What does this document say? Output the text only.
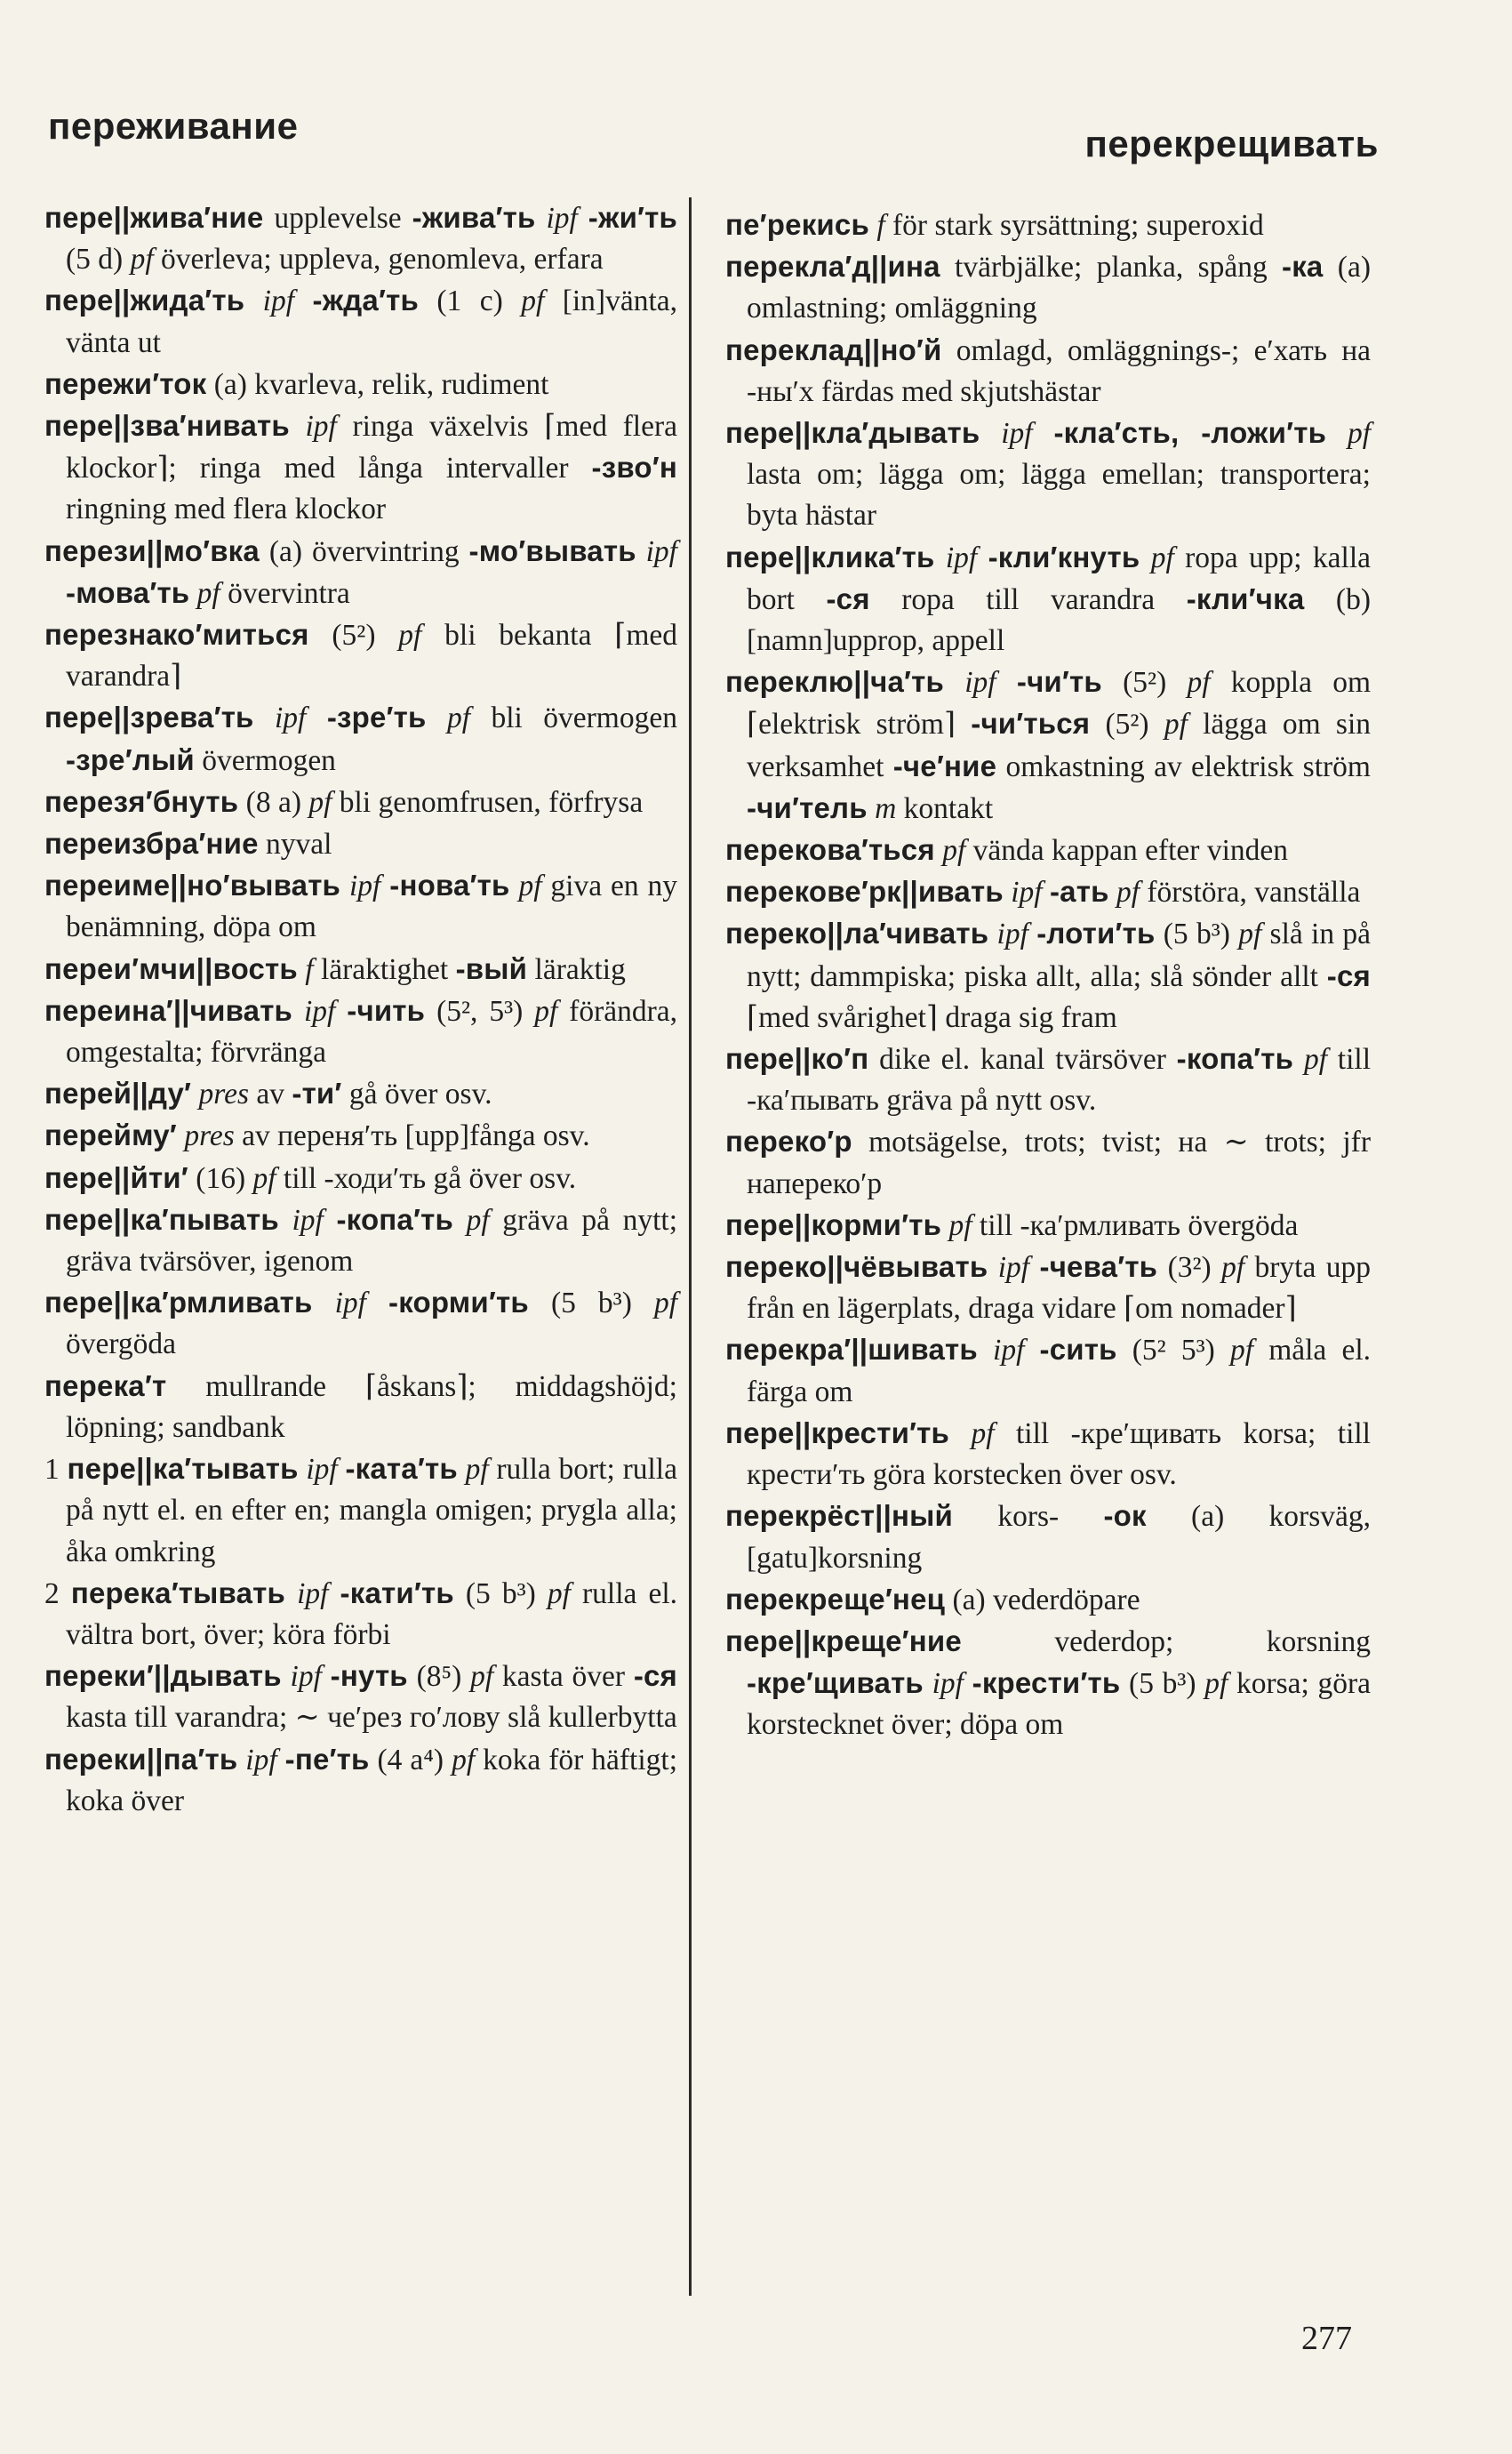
переживание	перекрещивать

пере||жива′ние upplevelse -жива′ть ipf -жи′ть (5 d) pf överleva; uppleva, genomleva, erfara

пере||жида′ть ipf -жда′ть (1 c) pf [in]vänta, vänta ut

пережи′ток (a) kvarleva, relik, rudiment

пере||зва′нивать ipf ringa växelvis ⌈med flera klockor⌉; ringa med långa intervaller -зво′н ringning med flera klockor

перези||мо′вка (a) övervintring -мо′вывать ipf -мова′ть pf övervintra

перезнако′миться (5²) pf bli bekanta ⌈med varandra⌉

пере||зрева′ть ipf -зре′ть pf bli övermogen -зре′лый övermogen

перезя′бнуть (8 a) pf bli genomfrusen, förfrysa

переизбра′ние nyval

переиме||но′вывать ipf -нова′ть pf giva en ny benämning, döpa om

переи′мчи||вость f läraktighet -вый läraktig

переина′||чивать ipf -чить (5², 5³) pf förändra, omgestalta; förvränga

перей||ду′ pres av -ти′ gå över osv.

перейму′ pres av переня′ть [upp]fånga osv.

пере||йти′ (16) pf till -ходи′ть gå över osv.

пере||ка′пывать ipf -копа′ть pf gräva på nytt; gräva tvärsöver, igenom

пере||ка′рмливать ipf -корми′ть (5 b³) pf övergöda

перека′т mullrande ⌈åskans⌉; middagshöjd; löpning; sandbank

1 пере||ка′тывать ipf -ката′ть pf rulla bort; rulla på nytt el. en efter en; mangla omigen; prygla alla; åka omkring

2 перека′тывать ipf -кати′ть (5 b³) pf rulla el. vältra bort, över; köra förbi

переки′||дывать ipf -нуть (8⁵) pf kasta över -ся kasta till varandra; ∼ че′рез го′лову slå kullerbytta

переки||па′ть ipf -пе′ть (4 a⁴) pf koka för häftigt; koka över

пе′рекись f för stark syrsättning; superoxid

перекла′д||ина tvärbjälke; planka, spång -ка (a) omlastning; omläggning

переклад||но′й omlagd, omläggnings-; е′хать на -ны′х färdas med skjutshästar

пере||кла′дывать ipf -кла′сть, -ложи′ть pf lasta om; lägga om; lägga emellan; transportera; byta hästar

пере||клика′ть ipf -кли′кнуть pf ropa upp; kalla bort -ся ropa till varandra -кли′чка (b) [namn]upprop, appell

переклю||ча′ть ipf -чи′ть (5²) pf koppla om ⌈elektrisk ström⌉ -чи′ться (5²) pf lägga om sin verksamhet -че′ние omkastning av elektrisk ström -чи′тель m kontakt

перекова′ться pf vända kappan efter vinden

перекове′рк||ивать ipf -ать pf förstöra, vanställa

переко||ла′чивать ipf -лоти′ть (5 b³) pf slå in på nytt; dammpiska; piska allt, alla; slå sönder allt -ся ⌈med svårighet⌉ draga sig fram

пере||ко′п dike el. kanal tvärsöver -копа′ть pf till -ка′пывать gräva på nytt osv.

переко′р motsägelse, trots; tvist; на ∼ trots; jfr наперeко′р

пере||корми′ть pf till -ка′рмливать övergöda

переко||чёвывать ipf -чева′ть (3²) pf bryta upp från en lägerplats, draga vidare ⌈om nomader⌉

перекра′||шивать ipf -сить (5² 5³) pf måla el. färga om

пере||крести′ть pf till -кре′щивать korsa; till кpести′ть göra korstecken över osv.

перекрёст||ный kors- -ок (a) korsväg, [gatu]korsning

перекреще′нец (a) vederdöpare

пере||креще′ние vederdop; korsning -кре′щивать ipf -крести′ть (5 b³) pf korsa; göra korstecknet över; döpa om

277
